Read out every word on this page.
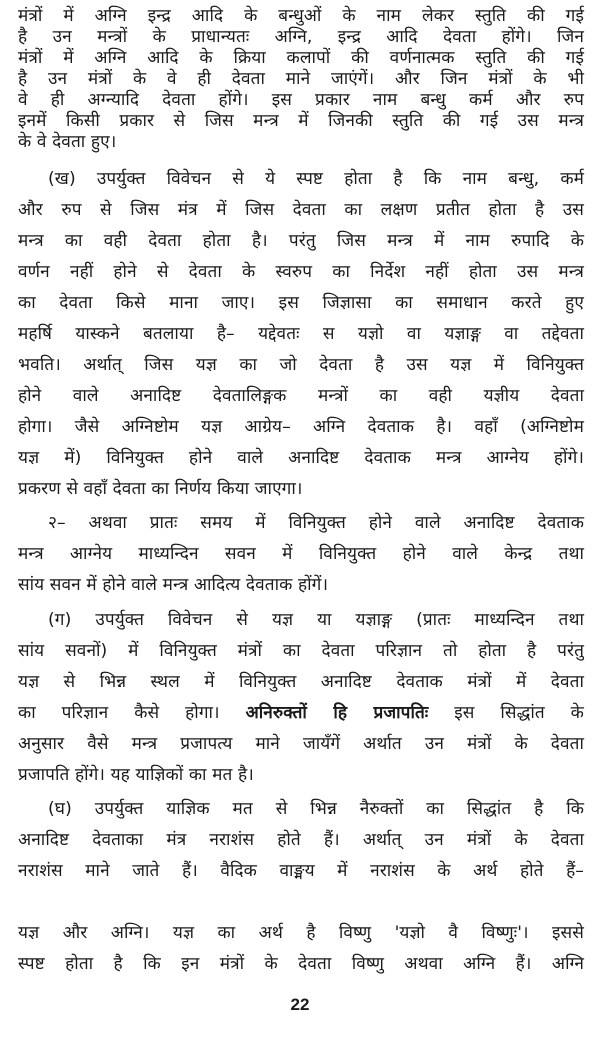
मंत्रों में अग्नि इन्द्र आदि के बन्धुओं के नाम लेकर स्तुति की गई
है उन मन्त्रों के प्राधान्यतः अग्नि, इन्द्र आदि देवता होंगे। जिन
मंत्रों में अग्नि आदि के क्रिया कलापों की वर्णनात्मक स्तुति की गई
है उन मंत्रों के वे ही देवता माने जाएंगें। और जिन मंत्रों के भी
वे ही अग्न्यादि देवता होंगे। इस प्रकार नाम बन्धु कर्म और रुप
इनमें किसी प्रकार से जिस मन्त्र में जिनकी स्तुति की गई उस मन्त्र
के वे देवता हुए।
(ख) उपर्युक्त विवेचन से ये स्पष्ट होता है कि नाम बन्धु, कर्म
और रुप से जिस मंत्र में जिस देवता का लक्षण प्रतीत होता है उस
मन्त्र का वही देवता होता है। परंतु जिस मन्त्र में नाम रुपादि के
वर्णन नहीं होने से देवता के स्वरुप का निर्देश नहीं होता उस मन्त्र
का देवता किसे माना जाए। इस जिज्ञासा का समाधान करते हुए
महर्षि यास्कने बतलाया है– यद्देवतः स यज्ञो वा यज्ञाङ्ग वा तद्देवता
भवति। अर्थात् जिस यज्ञ का जो देवता है उस यज्ञ में विनियुक्त
होने वाले अनादिष्ट देवतालिङ्गक मन्त्रों का वही यज्ञीय देवता
होगा। जैसे अग्निष्टोम यज्ञ आग्रेय– अग्नि देवताक है। वहाँ (अग्निष्टोम
यज्ञ में) विनियुक्त होने वाले अनादिष्ट देवताक मन्त्र आग्नेय होंगे।
प्रकरण से वहाँ देवता का निर्णय किया जाएगा।
२– अथवा प्रातः समय में विनियुक्त होने वाले अनादिष्ट देवताक
मन्त्र आग्नेय माध्यन्दिन सवन में विनियुक्त होने वाले केन्द्र तथा
सांय सवन में होने वाले मन्त्र आदित्य देवताक होंगें।
(ग) उपर्युक्त विवेचन से यज्ञ या यज्ञाङ्ग (प्रातः माध्यन्दिन तथा
सांय सवनों) में विनियुक्त मंत्रों का देवता परिज्ञान तो होता है परंतु
यज्ञ से भिन्न स्थल में विनियुक्त अनादिष्ट देवताक मंत्रों में देवता
का परिज्ञान कैसे होगा। अनिरुक्तों हि प्रजापतिः इस सिद्धांत के
अनुसार वैसे मन्त्र प्रजापत्य माने जायँगें अर्थात उन मंत्रों के देवता
प्रजापति होंगे। यह याज्ञिकों का मत है।
(घ) उपर्युक्त याज्ञिक मत से भिन्न नैरुक्तों का सिद्धांत है कि
अनादिष्ट देवताका मंत्र नराशंस होते हैं। अर्थात् उन मंत्रों के देवता
नराशंस माने जाते हैं। वैदिक वाङ्मय में नराशंस के अर्थ होते हैं–
यज्ञ और अग्नि। यज्ञ का अर्थ है विष्णु 'यज्ञो वै विष्णुः'। इससे
स्पष्ट होता है कि इन मंत्रों के देवता विष्णु अथवा अग्नि हैं। अग्नि
22
